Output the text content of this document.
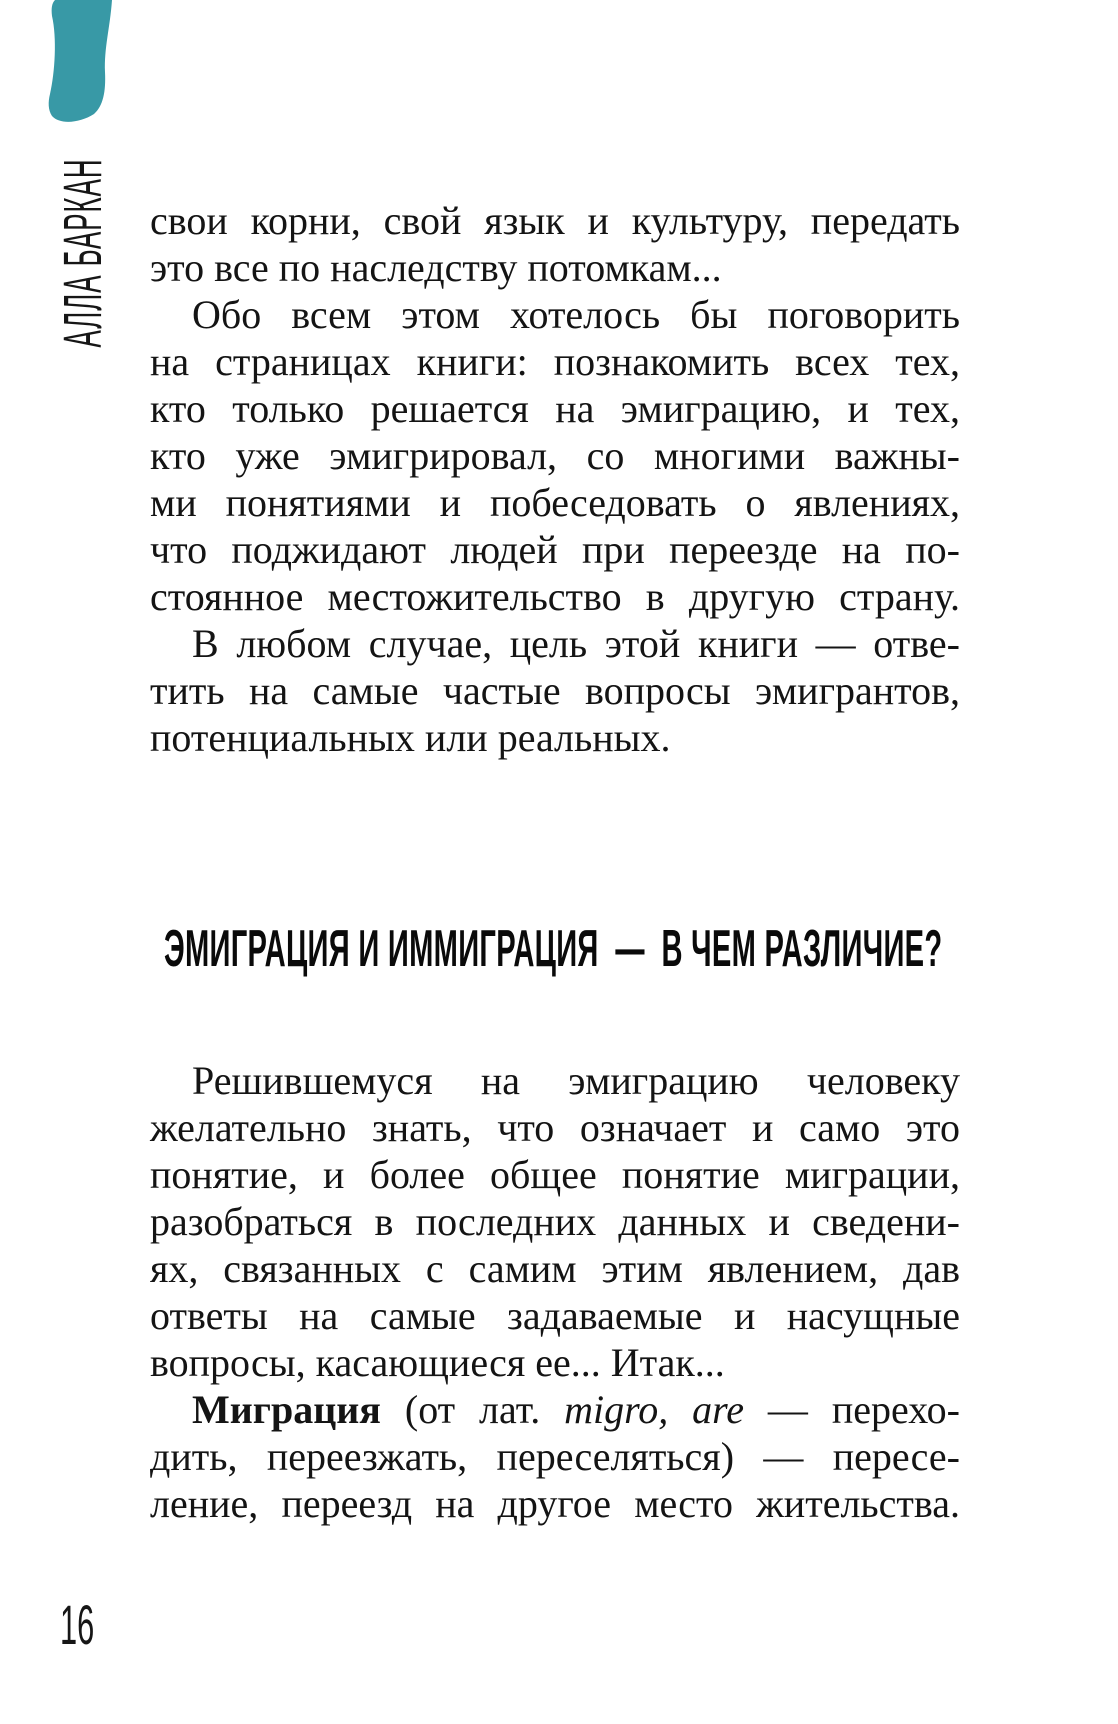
АЛЛА БАРКАН свои корни, свой язык и культуру, передать
это все по наследству потомкам...
Обо всем этом хотелось бы поговорить
на страницах книги: познакомить всех тех,
кто только решается на эмиграцию, и тех,
кто уже эмигрировал, со многими важны-
ми понятиями и побеседовать о явлениях,
что поджидают людей при переезде на по-
стоянное местожительство в другую страну.
В любом случае, цель этой книги — отве-
тить на самые частые вопросы эмигрантов,
потенциальных или реальных.
ЭМИГРАЦИЯ И ИММИГРАЦИЯ  —  В ЧЕМ РАЗЛИЧИЕ?
Решившемуся на эмиграцию человеку
желательно знать, что означает и само это
понятие, и более общее понятие миграции,
разобраться в последних данных и сведени-
ях, связанных с самим этим явлением, дав
ответы на самые задаваемые и насущные
вопросы, касающиеся ее... Итак...
Миграция (от лат. migro, are — перехо-
дить, переезжать, переселяться) — пересе-
ление, переезд на другое место жительства.
16
